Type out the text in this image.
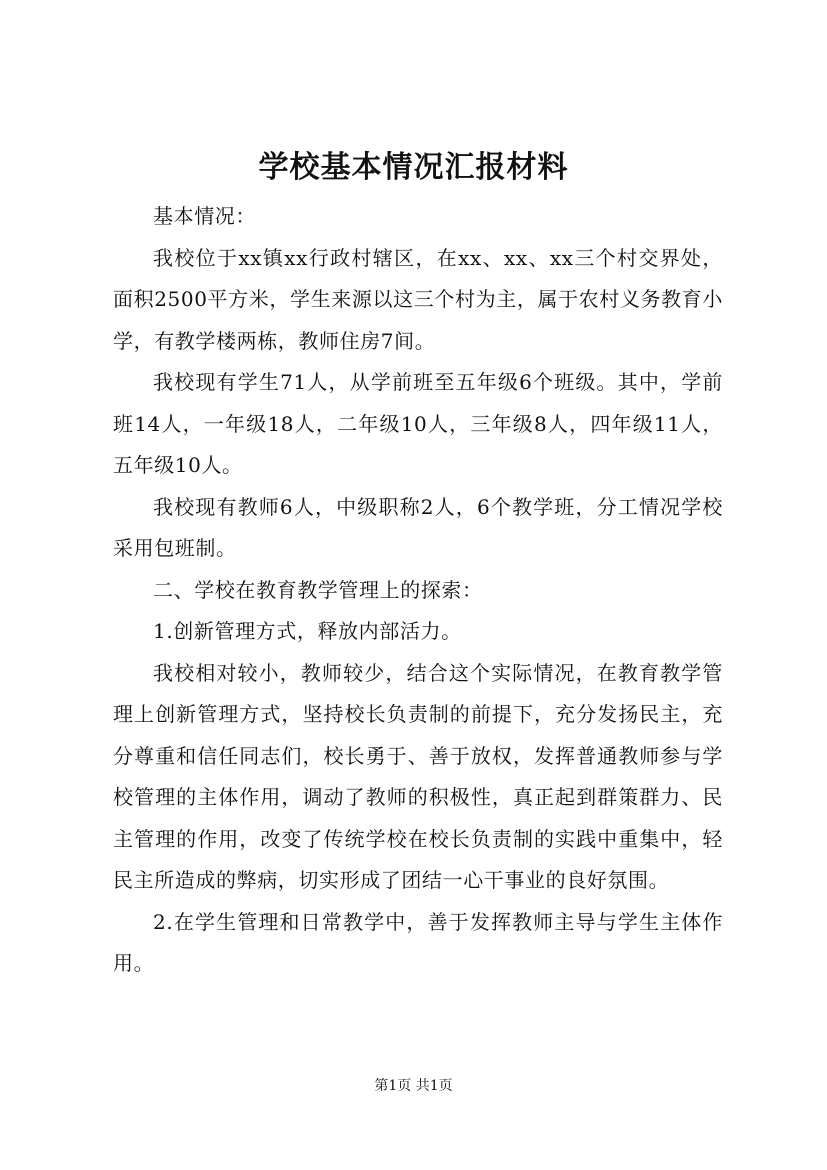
学校基本情况汇报材料

基本情况：

我校位于xx镇xx行政村辖区，在xx、xx、xx三个村交界处，面积2500平方米，学生来源以这三个村为主，属于农村义务教育小学，有教学楼两栋，教师住房7间。

我校现有学生71人，从学前班至五年级6个班级。其中，学前班14人，一年级18人，二年级10人，三年级8人，四年级11人，五年级10人。

我校现有教师6人，中级职称2人，6个教学班，分工情况学校采用包班制。

二、学校在教育教学管理上的探索：

1.创新管理方式，释放内部活力。

我校相对较小，教师较少，结合这个实际情况，在教育教学管理上创新管理方式，坚持校长负责制的前提下，充分发扬民主，充分尊重和信任同志们，校长勇于、善于放权，发挥普通教师参与学校管理的主体作用，调动了教师的积极性，真正起到群策群力、民主管理的作用，改变了传统学校在校长负责制的实践中重集中，轻民主所造成的弊病，切实形成了团结一心干事业的良好氛围。

2.在学生管理和日常教学中，善于发挥教师主导与学生主体作用。

第1页 共1页
